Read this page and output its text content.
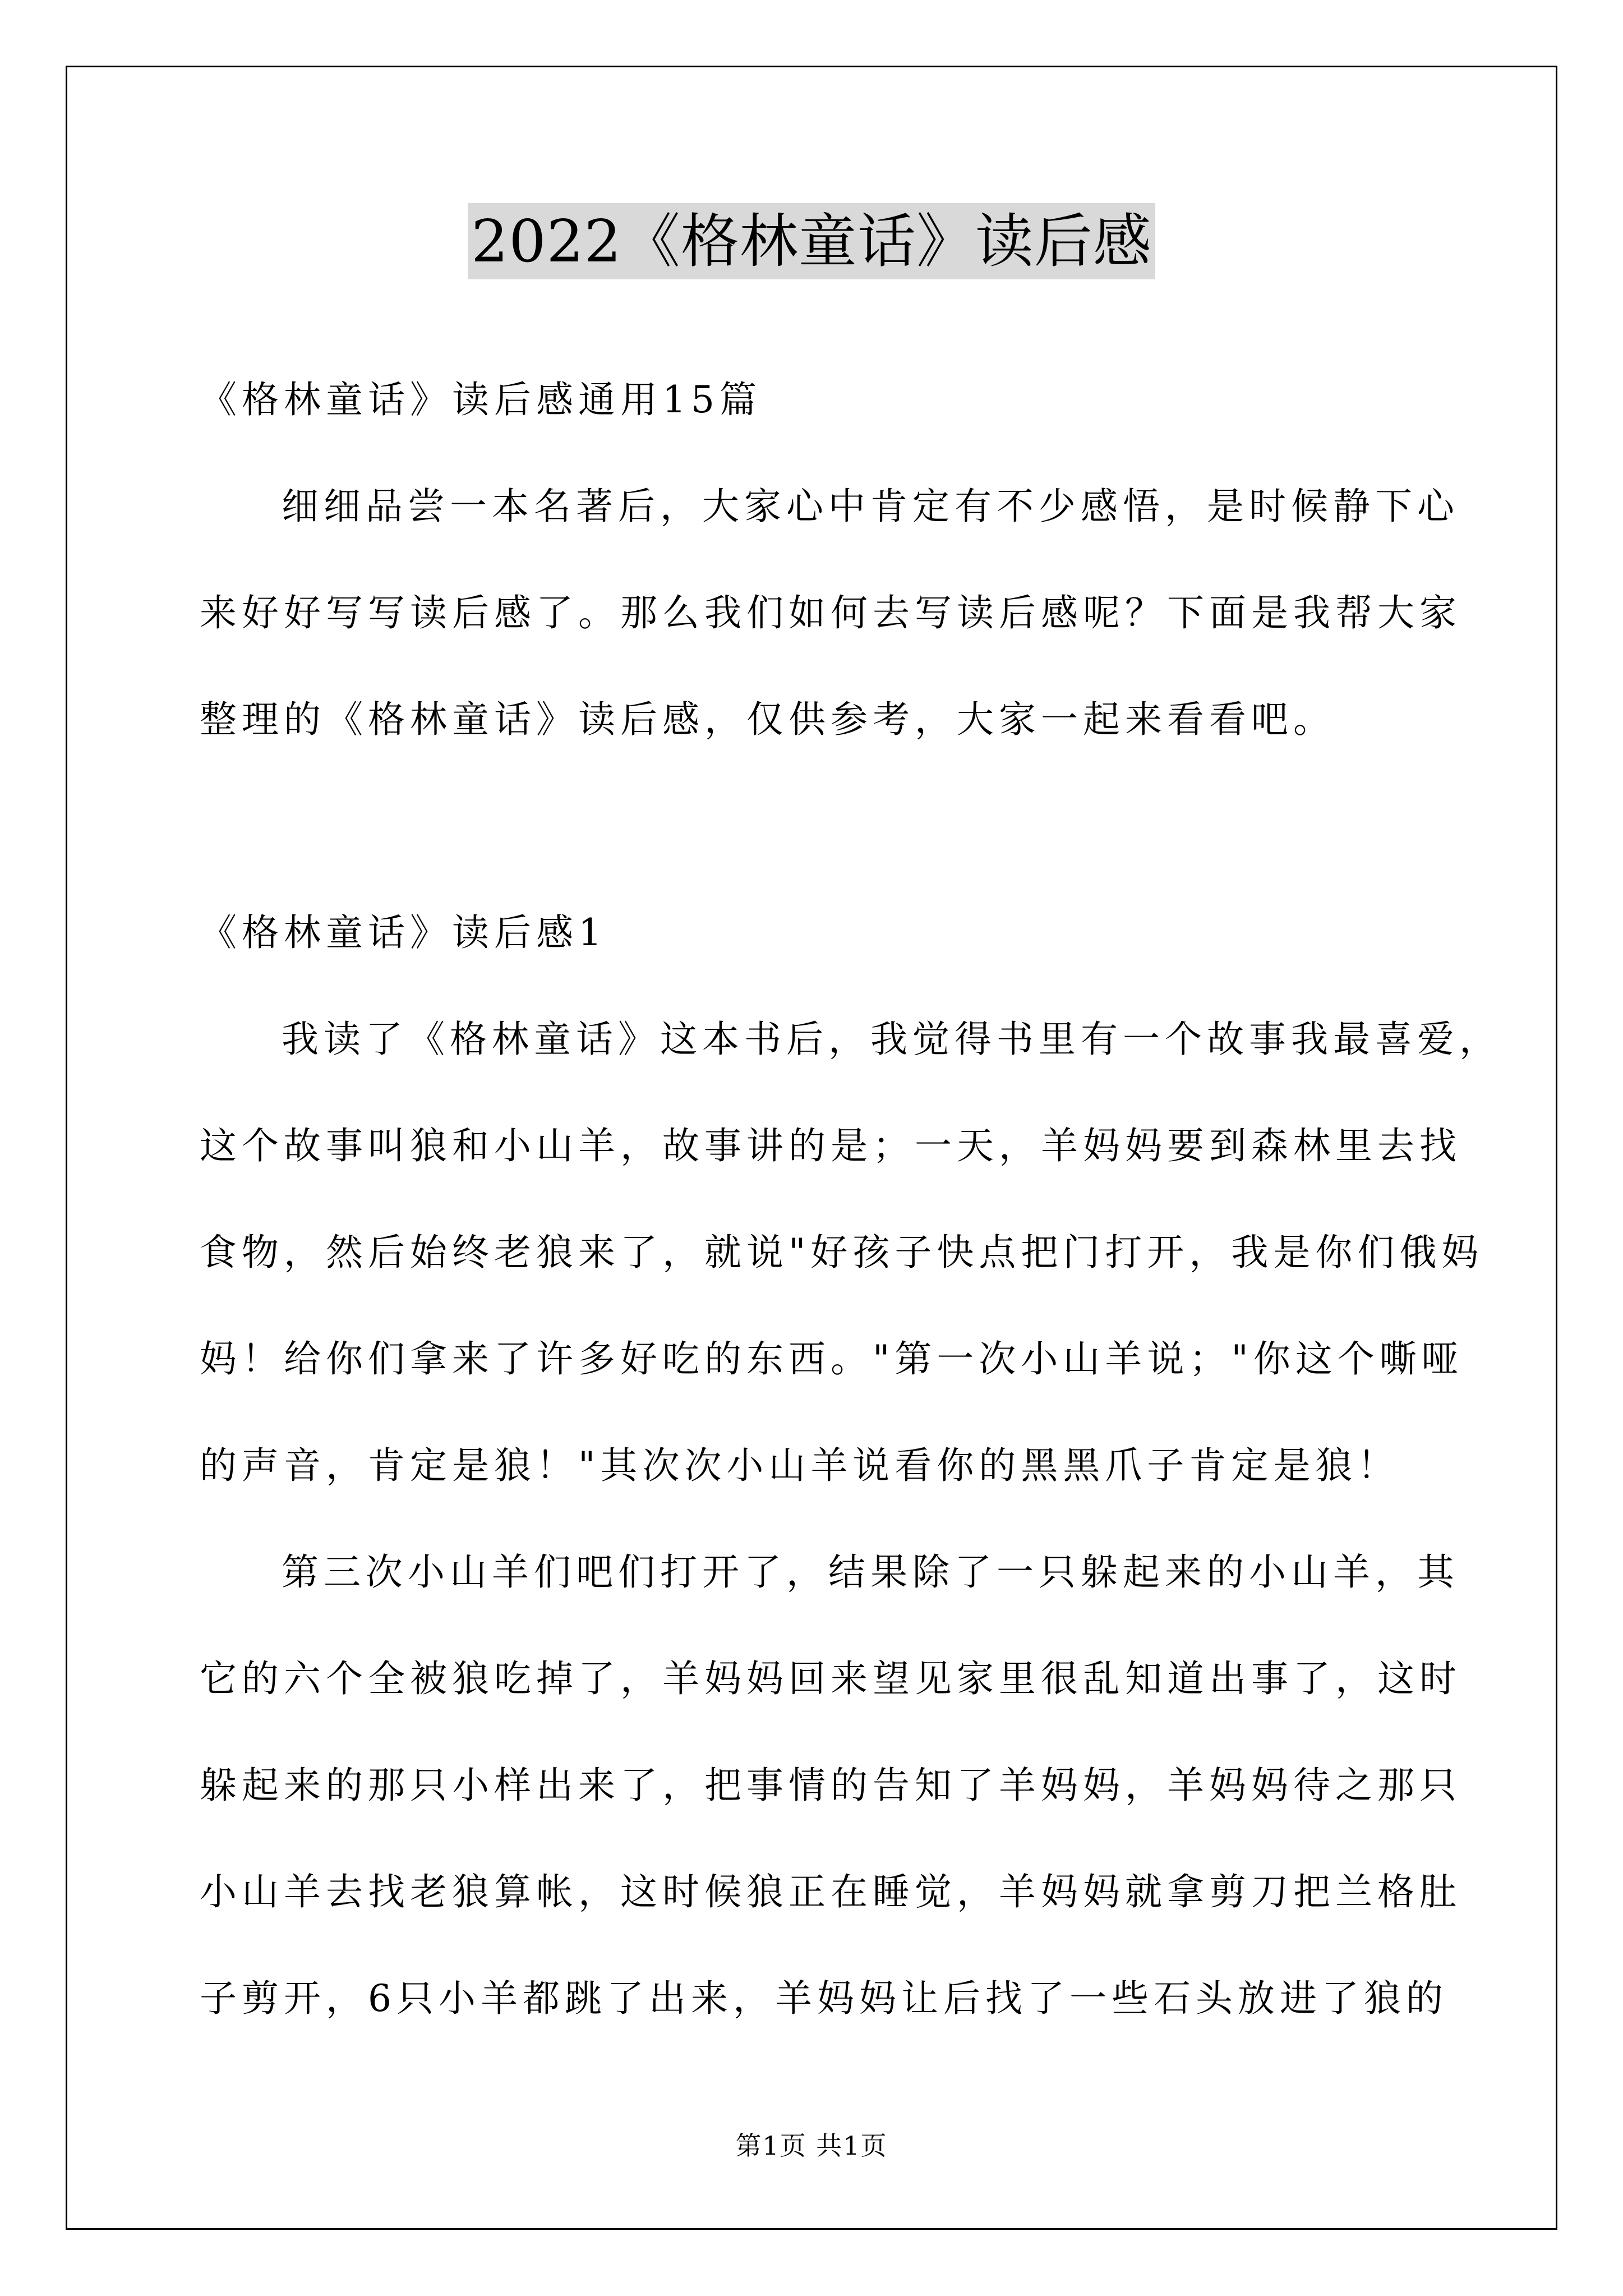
2022《格林童话》读后感

《格林童话》读后感通用15篇

细细品尝一本名著后，大家心中肯定有不少感悟，是时候静下心

来好好写写读后感了。那么我们如何去写读后感呢？下面是我帮大家

整理的《格林童话》读后感，仅供参考，大家一起来看看吧。

《格林童话》读后感1

我读了《格林童话》这本书后，我觉得书里有一个故事我最喜爱，

这个故事叫狼和小山羊，故事讲的是；一天，羊妈妈要到森林里去找

食物，然后始终老狼来了，就说"好孩子快点把门打开，我是你们俄妈

妈！给你们拿来了许多好吃的东西。"第一次小山羊说；"你这个嘶哑

的声音，肯定是狼！"其次次小山羊说看你的黑黑爪子肯定是狼！

第三次小山羊们吧们打开了，结果除了一只躲起来的小山羊，其

它的六个全被狼吃掉了，羊妈妈回来望见家里很乱知道出事了，这时

躲起来的那只小样出来了，把事情的告知了羊妈妈，羊妈妈待之那只

小山羊去找老狼算帐，这时候狼正在睡觉，羊妈妈就拿剪刀把兰格肚

子剪开，6只小羊都跳了出来，羊妈妈让后找了一些石头放进了狼的

第1页 共1页
